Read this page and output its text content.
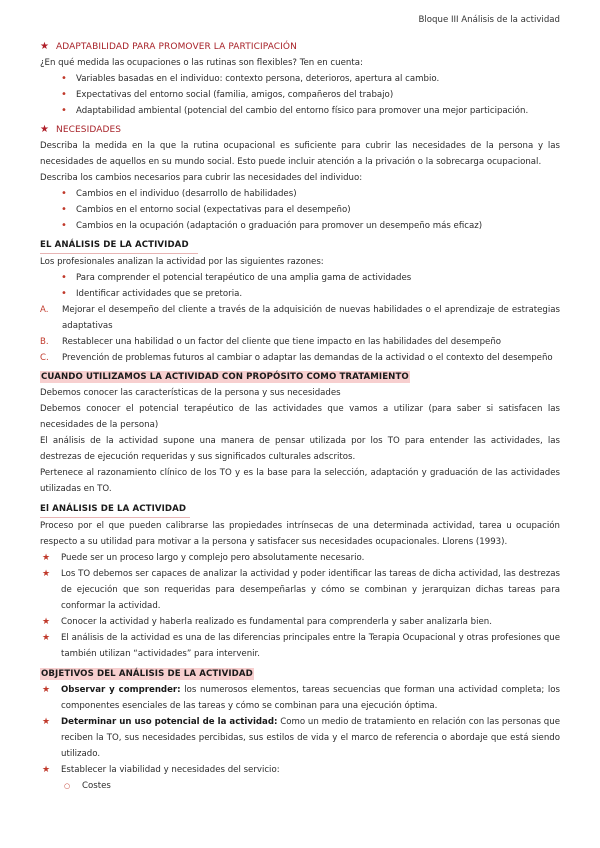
Bloque III Análisis de la actividad
★ ADAPTABILIDAD PARA PROMOVER LA PARTICIPACIÓN
¿En qué medida las ocupaciones o las rutinas son flexibles? Ten en cuenta:
• Variables basadas en el individuo: contexto persona, deterioros, apertura al cambio.
• Expectativas del entorno social (familia, amigos, compañeros del trabajo)
• Adaptabilidad ambiental (potencial del cambio del entorno físico para promover una mejor participación.
★ NECESIDADES
Describa la medida en la que la rutina ocupacional es suficiente para cubrir las necesidades de la persona y las necesidades de aquellos en su mundo social. Esto puede incluir atención a la privación o la sobrecarga ocupacional.
Describa los cambios necesarios para cubrir las necesidades del individuo:
• Cambios en el individuo (desarrollo de habilidades)
• Cambios en el entorno social (expectativas para el desempeño)
• Cambios en la ocupación (adaptación o graduación para promover un desempeño más eficaz)
EL ANÁLISIS DE LA ACTIVIDAD
Los profesionales analizan la actividad por las siguientes razones:
• Para comprender el potencial terapéutico de una amplia gama de actividades
• Identificar actividades que se pretoria.
A. Mejorar el desempeño del cliente a través de la adquisición de nuevas habilidades o el aprendizaje de estrategias adaptativas
B. Restablecer una habilidad o un factor del cliente que tiene impacto en las habilidades del desempeño
C. Prevención de problemas futuros al cambiar o adaptar las demandas de la actividad o el contexto del desempeño
CUANDO UTILIZAMOS LA ACTIVIDAD CON PROPÓSITO COMO TRATAMIENTO
Debemos conocer las características de la persona y sus necesidades
Debemos conocer el potencial terapéutico de las actividades que vamos a utilizar (para saber si satisfacen las necesidades de la persona)
El análisis de la actividad supone una manera de pensar utilizada por los TO para entender las actividades, las destrezas de ejecución requeridas y sus significados culturales adscritos.
Pertenece al razonamiento clínico de los TO y es la base para la selección, adaptación y graduación de las actividades utilizadas en TO.
El ANÁLISIS DE LA ACTIVIDAD
Proceso por el que pueden calibrarse las propiedades intrínsecas de una determinada actividad, tarea u ocupación respecto a su utilidad para motivar a la persona y satisfacer sus necesidades ocupacionales. Llorens (1993).
★ Puede ser un proceso largo y complejo pero absolutamente necesario.
★ Los TO debemos ser capaces de analizar la actividad y poder identificar las tareas de dicha actividad, las destrezas de ejecución que son requeridas para desempeñarlas y cómo se combinan y jerarquizan dichas tareas para conformar la actividad.
★ Conocer la actividad y haberla realizado es fundamental para comprenderla y saber analizarla bien.
★ El análisis de la actividad es una de las diferencias principales entre la Terapia Ocupacional y otras profesiones que también utilizan “actividades” para intervenir.
OBJETIVOS DEL ANÁLISIS DE LA ACTIVIDAD
★ Observar y comprender: los numerosos elementos, tareas secuencias que forman una actividad completa; los componentes esenciales de las tareas y cómo se combinan para una ejecución óptima.
★ Determinar un uso potencial de la actividad: Como un medio de tratamiento en relación con las personas que reciben la TO, sus necesidades percibidas, sus estilos de vida y el marco de referencia o abordaje que está siendo utilizado.
★ Establecer la viabilidad y necesidades del servicio:
○ Costes
